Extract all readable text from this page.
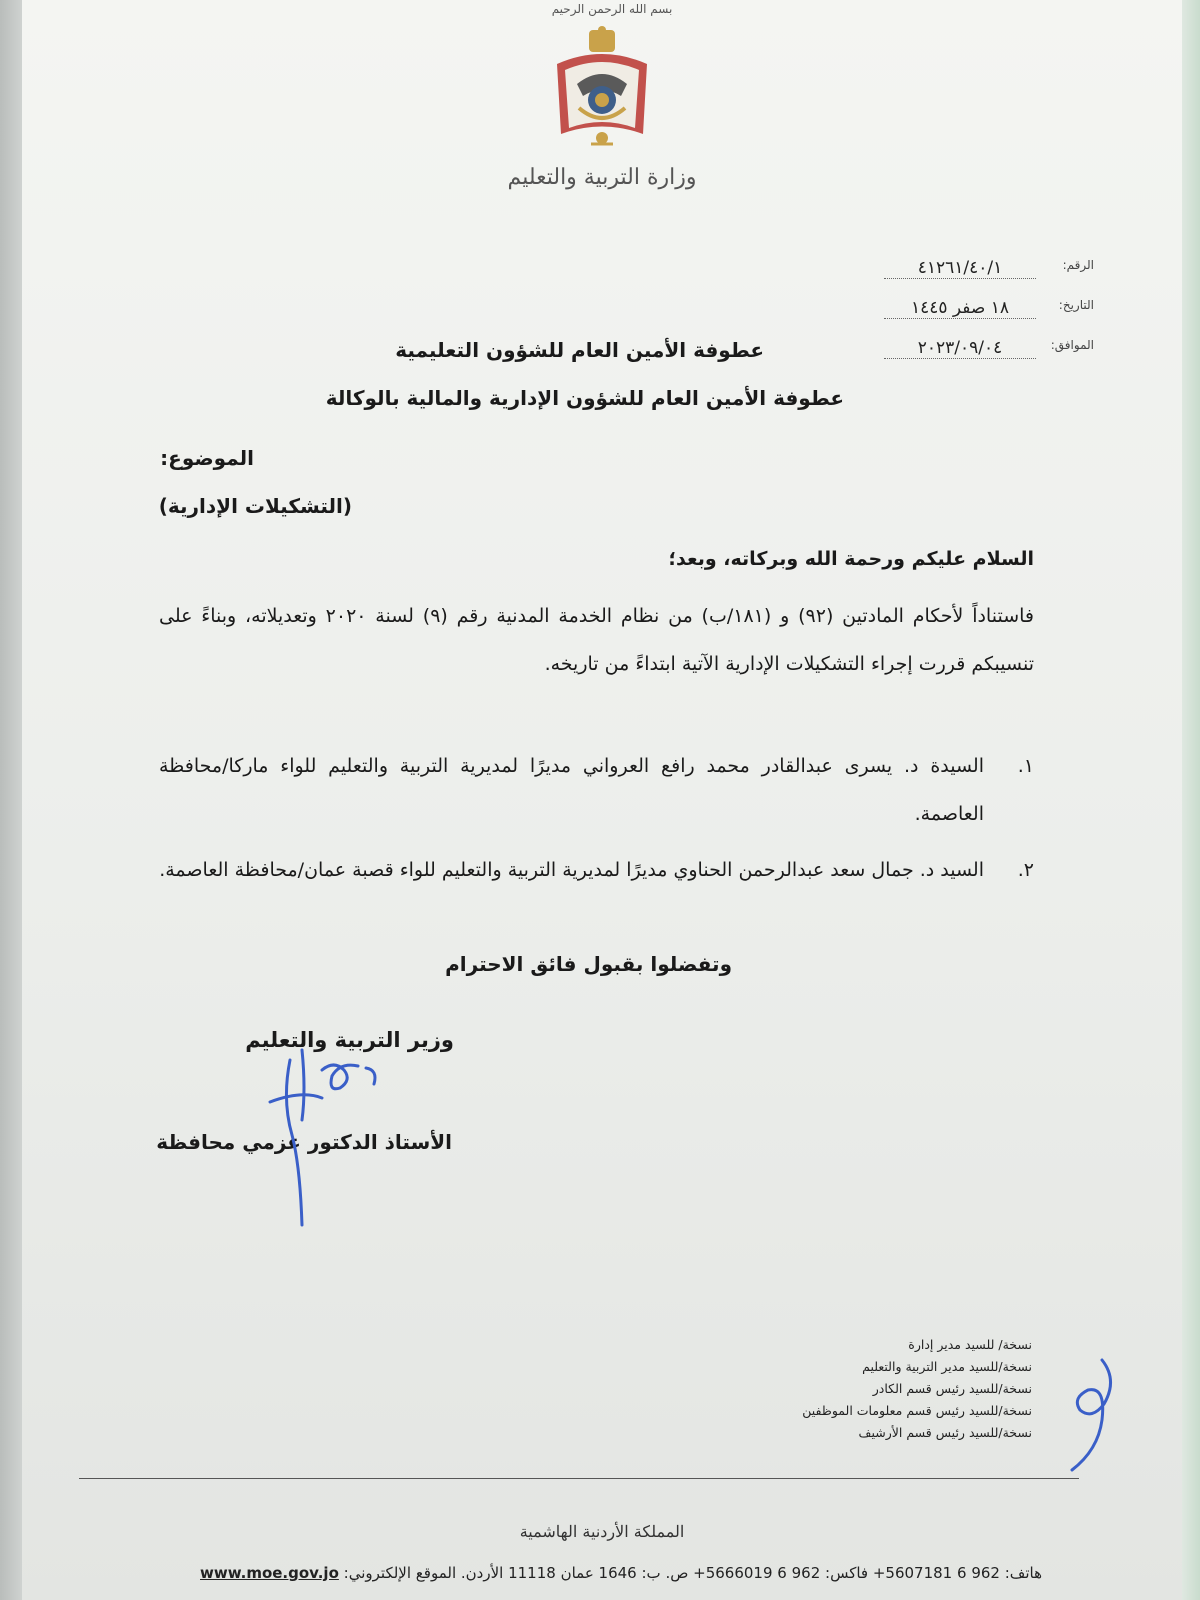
بسم الله الرحمن الرحيم
وزارة التربية والتعليم
الرقم:
٤١٢٦١/٤٠/١
التاريخ:
١٨ صفر ١٤٤٥
الموافق:
٢٠٢٣/٠٩/٠٤
عطوفة الأمين العام للشؤون التعليمية
عطوفة الأمين العام للشؤون الإدارية والمالية بالوكالة
الموضوع:
(التشكيلات الإدارية)
السلام عليكم ورحمة الله وبركاته، وبعد؛
فاستناداً لأحكام المادتين (٩٢) و (١٨١/ب) من نظام الخدمة المدنية رقم (٩) لسنة ٢٠٢٠ وتعديلاته، وبناءً على تنسيبكم قررت إجراء التشكيلات الإدارية الآتية ابتداءً من تاريخه.
١.
السيدة د. يسرى عبدالقادر محمد رافع العرواني مديرًا لمديرية التربية والتعليم للواء ماركا/محافظة العاصمة.
٢.
السيد د. جمال سعد عبدالرحمن الحناوي مديرًا لمديرية التربية والتعليم للواء قصبة عمان/محافظة العاصمة.
وتفضلوا بقبول فائق الاحترام
وزير التربية والتعليم
الأستاذ الدكتور عزمي محافظة
نسخة/ للسيد مدير إدارة
نسخة/للسيد مدير التربية والتعليم
نسخة/للسيد رئيس قسم الكادر
نسخة/للسيد رئيس قسم معلومات الموظفين
نسخة/للسيد رئيس قسم الأرشيف
المملكة الأردنية الهاشمية
هاتف: 962 6 5607181+ فاكس: 962 6 5666019+ ص. ب: 1646 عمان 11118 الأردن. الموقع الإلكتروني: www.moe.gov.jo
